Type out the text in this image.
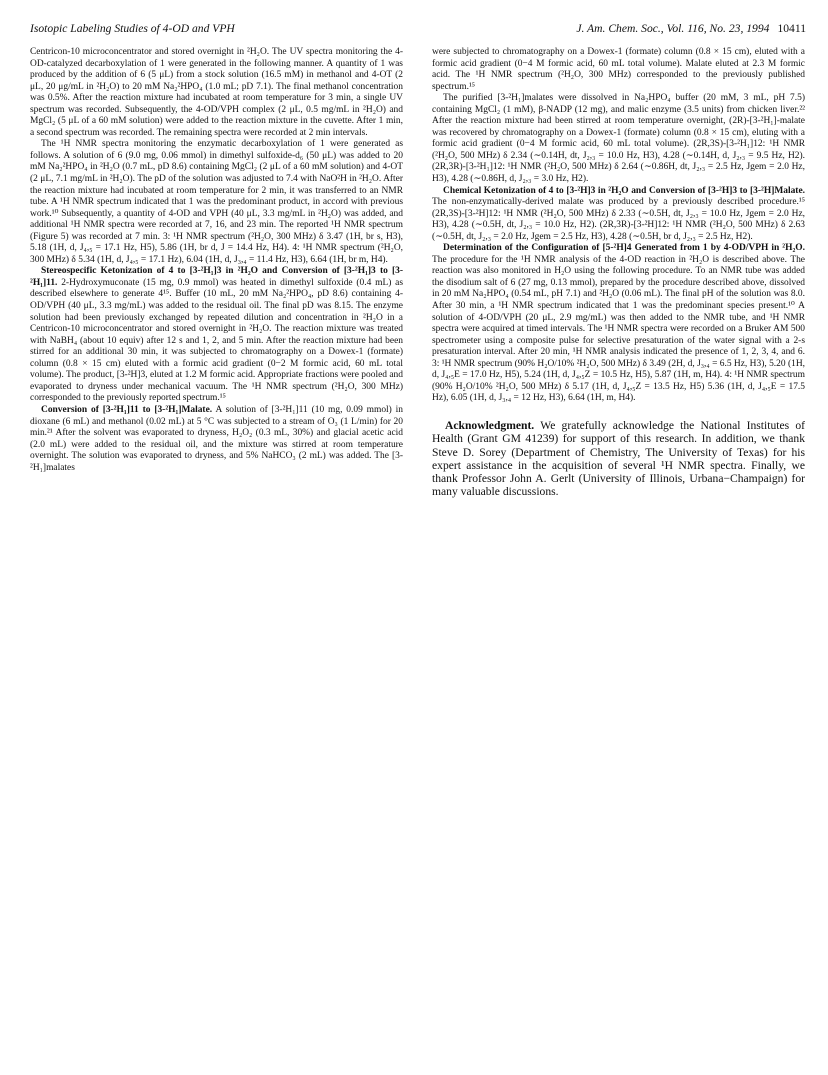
Isotopic Labeling Studies of 4-OD and VPH	J. Am. Chem. Soc., Vol. 116, No. 23, 1994 10411

Centricon-10 microconcentrator and stored overnight in ²H₂O. The UV spectra monitoring the 4-OD-catalyzed decarboxylation of 1 were generated in the following manner. A quantity of 1 was produced by the addition of 6 (5 μL) from a stock solution (16.5 mM) in methanol and 4-OT (2 μL, 20 μg/mL in ²H₂O) to 20 mM Na₂²HPO₄ (1.0 mL; pD 7.1). The final methanol concentration was 0.5%. After the reaction mixture had incubated at room temperature for 3 min, a single UV spectrum was recorded. Subsequently, the 4-OD/VPH complex (2 μL, 0.5 mg/mL in ²H₂O) and MgCl₂ (5 μL of a 60 mM solution) were added to the reaction mixture in the cuvette. After 1 min, a second spectrum was recorded. The remaining spectra were recorded at 2 min intervals.

The ¹H NMR spectra monitoring the enzymatic decarboxylation of 1 were generated as follows. A solution of 6 (9.0 mg, 0.06 mmol) in dimethyl sulfoxide-d₆ (50 μL) was added to 20 mM Na₂²HPO₄ in ²H₂O (0.7 mL, pD 8.6) containing MgCl₂ (2 μL of a 60 mM solution) and 4-OT (2 μL, 7.1 mg/mL in ²H₂O). The pD of the solution was adjusted to 7.4 with NaO²H in ²H₂O. After the reaction mixture had incubated at room temperature for 2 min, it was transferred to an NMR tube. A ¹H NMR spectrum indicated that 1 was the predominant product, in accord with previous work.¹⁰ Subsequently, a quantity of 4-OD and VPH (40 μL, 3.3 mg/mL in ²H₂O) was added, and additional ¹H NMR spectra were recorded at 7, 16, and 23 min. The reported ¹H NMR spectrum (Figure 5) was recorded at 7 min. 3: ¹H NMR spectrum (²H₂O, 300 MHz) δ 3.47 (1H, br s, H3), 5.18 (1H, d, J₄,₅ = 17.1 Hz, H5), 5.86 (1H, br d, J = 14.4 Hz, H4). 4: ¹H NMR spectrum (²H₂O, 300 MHz) δ 5.34 (1H, d, J₄,₅ = 17.1 Hz), 6.04 (1H, d, J₃,₄ = 11.4 Hz, H3), 6.64 (1H, br m, H4).

Stereospecific Ketonization of 4 to [3-²H₁]3 in ²H₂O and Conversion of [3-²H₁]3 to [3-²H₁]11. 2-Hydroxymuconate (15 mg, 0.9 mmol) was heated in dimethyl sulfoxide (0.4 mL) as described elsewhere to generate 4¹⁵. Buffer (10 mL, 20 mM Na₂²HPO₄, pD 8.6) containing 4-OD/VPH (40 μL, 3.3 mg/mL) was added to the residual oil. The final pD was 8.15. The enzyme solution had been previously exchanged by repeated dilution and concentration in ²H₂O in a Centricon-10 microconcentrator and stored overnight in ²H₂O. The reaction mixture was treated with NaBH₄ (about 10 equiv) after 12 s and 1, 2, and 5 min. After the reaction mixture had been stirred for an additional 30 min, it was subjected to chromatography on a Dowex-1 (formate) column (0.8 × 15 cm) eluted with a formic acid gradient (0−2 M formic acid, 60 mL total volume). The product, [3-²H]3, eluted at 1.2 M formic acid. Appropriate fractions were pooled and evaporated to dryness under mechanical vacuum. The ¹H NMR spectrum (²H₂O, 300 MHz) corresponded to the previously reported spectrum.¹⁵

Conversion of [3-²H₁]11 to [3-²H₁]Malate. A solution of [3-²H₁]11 (10 mg, 0.09 mmol) in dioxane (6 mL) and methanol (0.02 mL) at 5 °C was subjected to a stream of O₃ (1 L/min) for 20 min.²¹ After the solvent was evaporated to dryness, H₂O₂ (0.3 mL, 30%) and glacial acetic acid (2.0 mL) were added to the residual oil, and the mixture was stirred at room temperature overnight. The solution was evaporated to dryness, and 5% NaHCO₃ (2 mL) was added. The [3-²H₁]malates

were subjected to chromatography on a Dowex-1 (formate) column (0.8 × 15 cm), eluted with a formic acid gradient (0−4 M formic acid, 60 mL total volume). Malate eluted at 2.3 M formic acid. The ¹H NMR spectrum (²H₂O, 300 MHz) corresponded to the previously published spectrum.¹⁵

The purified [3-²H₁]malates were dissolved in Na₂HPO₄ buffer (20 mM, 3 mL, pH 7.5) containing MgCl₂ (1 mM), β-NADP (12 mg), and malic enzyme (3.5 units) from chicken liver.²² After the reaction mixture had been stirred at room temperature overnight, (2R)-[3-²H₁]-malate was recovered by chromatography on a Dowex-1 (formate) column (0.8 × 15 cm), eluting with a formic acid gradient (0−4 M formic acid, 60 mL total volume). (2R,3S)-[3-²H₁]12: ¹H NMR (²H₂O, 500 MHz) δ 2.34 (∼0.14H, dt, J₂,₃ = 10.0 Hz, H3), 4.28 (∼0.14H, d, J₂,₃ = 9.5 Hz, H2). (2R,3R)-[3-²H₁]12: ¹H NMR (²H₂O, 500 MHz) δ 2.64 (∼0.86H, dt, J₂,₃ = 2.5 Hz, Jgem = 2.0 Hz, H3), 4.28 (∼0.86H, d, J₂,₃ = 3.0 Hz, H2).

Chemical Ketonization of 4 to [3-²H]3 in ²H₂O and Conversion of [3-²H]3 to [3-²H]Malate. The non-enzymatically-derived malate was produced by a previously described procedure.¹⁵ (2R,3S)-[3-²H]12: ¹H NMR (²H₂O, 500 MHz) δ 2.33 (∼0.5H, dt, J₂,₃ = 10.0 Hz, Jgem = 2.0 Hz, H3), 4.28 (∼0.5H, dt, J₂,₃ = 10.0 Hz, H2). (2R,3R)-[3-²H]12: ¹H NMR (²H₂O, 500 MHz) δ 2.63 (∼0.5H, dt, J₂,₃ = 2.0 Hz, Jgem = 2.5 Hz, H3), 4.28 (∼0.5H, br d, J₂,₃ = 2.5 Hz, H2).

Determination of the Configuration of [5-²H]4 Generated from 1 by 4-OD/VPH in ²H₂O. The procedure for the ¹H NMR analysis of the 4-OD reaction in ²H₂O is described above. The reaction was also monitored in H₂O using the following procedure. To an NMR tube was added the disodium salt of 6 (27 mg, 0.13 mmol), prepared by the procedure described above, dissolved in 20 mM Na₂HPO₄ (0.54 mL, pH 7.1) and ²H₂O (0.06 mL). The final pH of the solution was 8.0. After 30 min, a ¹H NMR spectrum indicated that 1 was the predominant species present.¹⁰ A solution of 4-OD/VPH (20 μL, 2.9 mg/mL) was then added to the NMR tube, and ¹H NMR spectra were acquired at timed intervals. The ¹H NMR spectra were recorded on a Bruker AM 500 spectrometer using a composite pulse for selective presaturation of the water signal with a 2-s presaturation interval. After 20 min, ¹H NMR analysis indicated the presence of 1, 2, 3, 4, and 6. 3: ¹H NMR spectrum (90% H₂O/10% ²H₂O, 500 MHz) δ 3.49 (2H, d, J₃,₄ = 6.5 Hz, H3), 5.20 (1H, d, J₄,₅E = 17.0 Hz, H5), 5.24 (1H, d, J₄,₅Z = 10.5 Hz, H5), 5.87 (1H, m, H4). 4: ¹H NMR spectrum (90% H₂O/10% ²H₂O, 500 MHz) δ 5.17 (1H, d, J₄,₅Z = 13.5 Hz, H5) 5.36 (1H, d, J₄,₅E = 17.5 Hz), 6.05 (1H, d, J₃,₄ = 12 Hz, H3), 6.64 (1H, m, H4).

Acknowledgment. We gratefully acknowledge the National Institutes of Health (Grant GM 41239) for support of this research. In addition, we thank Steve D. Sorey (Department of Chemistry, The University of Texas) for his expert assistance in the acquisition of several ¹H NMR spectra. Finally, we thank Professor John A. Gerlt (University of Illinois, Urbana−Champaign) for many valuable discussions.
